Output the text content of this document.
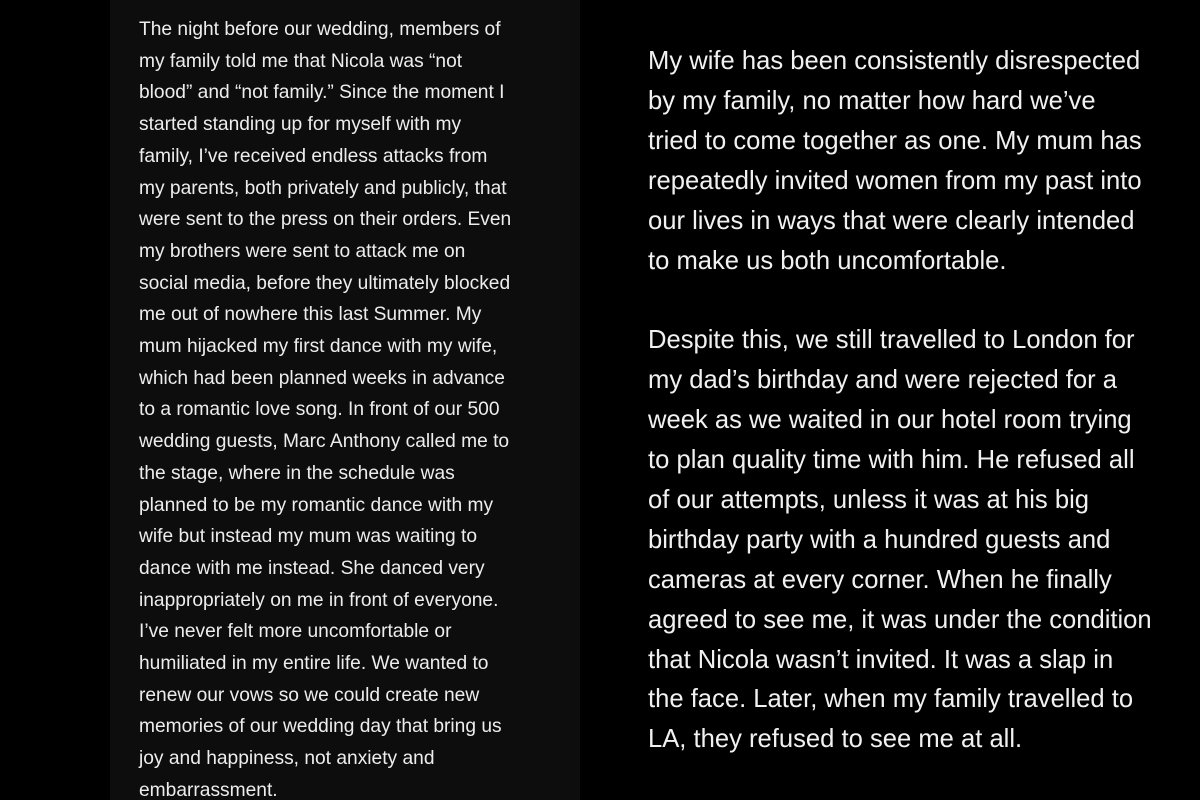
The night before our wedding, members of
my family told me that Nicola was “not
blood” and “not family.” Since the moment I
started standing up for myself with my
family, I’ve received endless attacks from
my parents, both privately and publicly, that
were sent to the press on their orders. Even
my brothers were sent to attack me on
social media, before they ultimately blocked
me out of nowhere this last Summer. My
mum hijacked my first dance with my wife,
which had been planned weeks in advance
to a romantic love song. In front of our 500
wedding guests, Marc Anthony called me to
the stage, where in the schedule was
planned to be my romantic dance with my
wife but instead my mum was waiting to
dance with me instead. She danced very
inappropriately on me in front of everyone.
I’ve never felt more uncomfortable or
humiliated in my entire life. We wanted to
renew our vows so we could create new
memories of our wedding day that bring us
joy and happiness, not anxiety and
embarrassment.
My wife has been consistently disrespected
by my family, no matter how hard we’ve
tried to come together as one. My mum has
repeatedly invited women from my past into
our lives in ways that were clearly intended
to make us both uncomfortable.
Despite this, we still travelled to London for
my dad’s birthday and were rejected for a
week as we waited in our hotel room trying
to plan quality time with him. He refused all
of our attempts, unless it was at his big
birthday party with a hundred guests and
cameras at every corner. When he finally
agreed to see me, it was under the condition
that Nicola wasn’t invited. It was a slap in
the face. Later, when my family travelled to
LA, they refused to see me at all.
